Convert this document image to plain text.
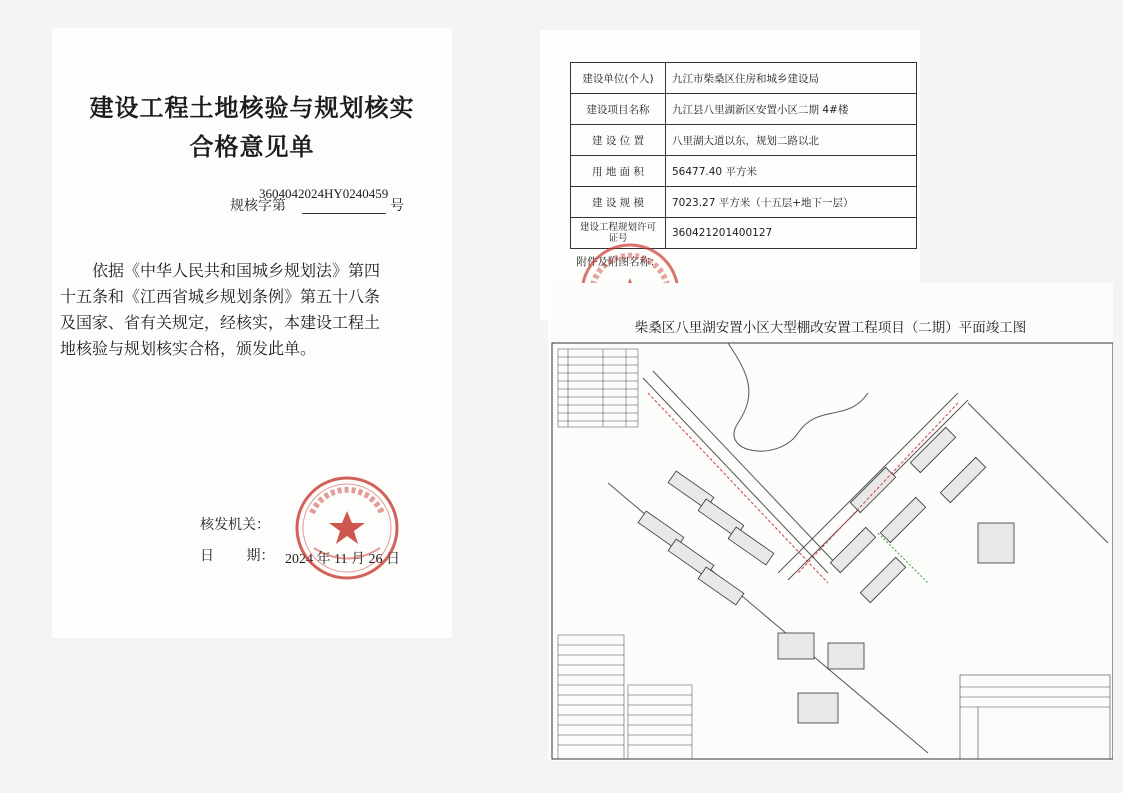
建设工程土地核验与规划核实
合格意见单
3604042024HY0240459
规核字第	号
依据《中华人民共和国城乡规划法》第四
十五条和《江西省城乡规划条例》第五十八条
及国家、省有关规定，经核实，本建设工程土
地核验与规划核实合格，颁发此单。
核发机关：
日 期： 2024 年 11 月 26 日
建设单位(个人)	九江市柴桑区住房和城乡建设局
建设项目名称	九江县八里湖新区安置小区二期 4#楼
建 设 位 置	八里湖大道以东，规划二路以北
用 地 面 积	56477.40 平方米
建 设 规 模	7023.27 平方米（十五层+地下一层）
建设工程规划许可证号	360421201400127
附件及附图名称：	
柴桑区八里湖安置小区大型棚改安置工程项目（二期）平面竣工图
